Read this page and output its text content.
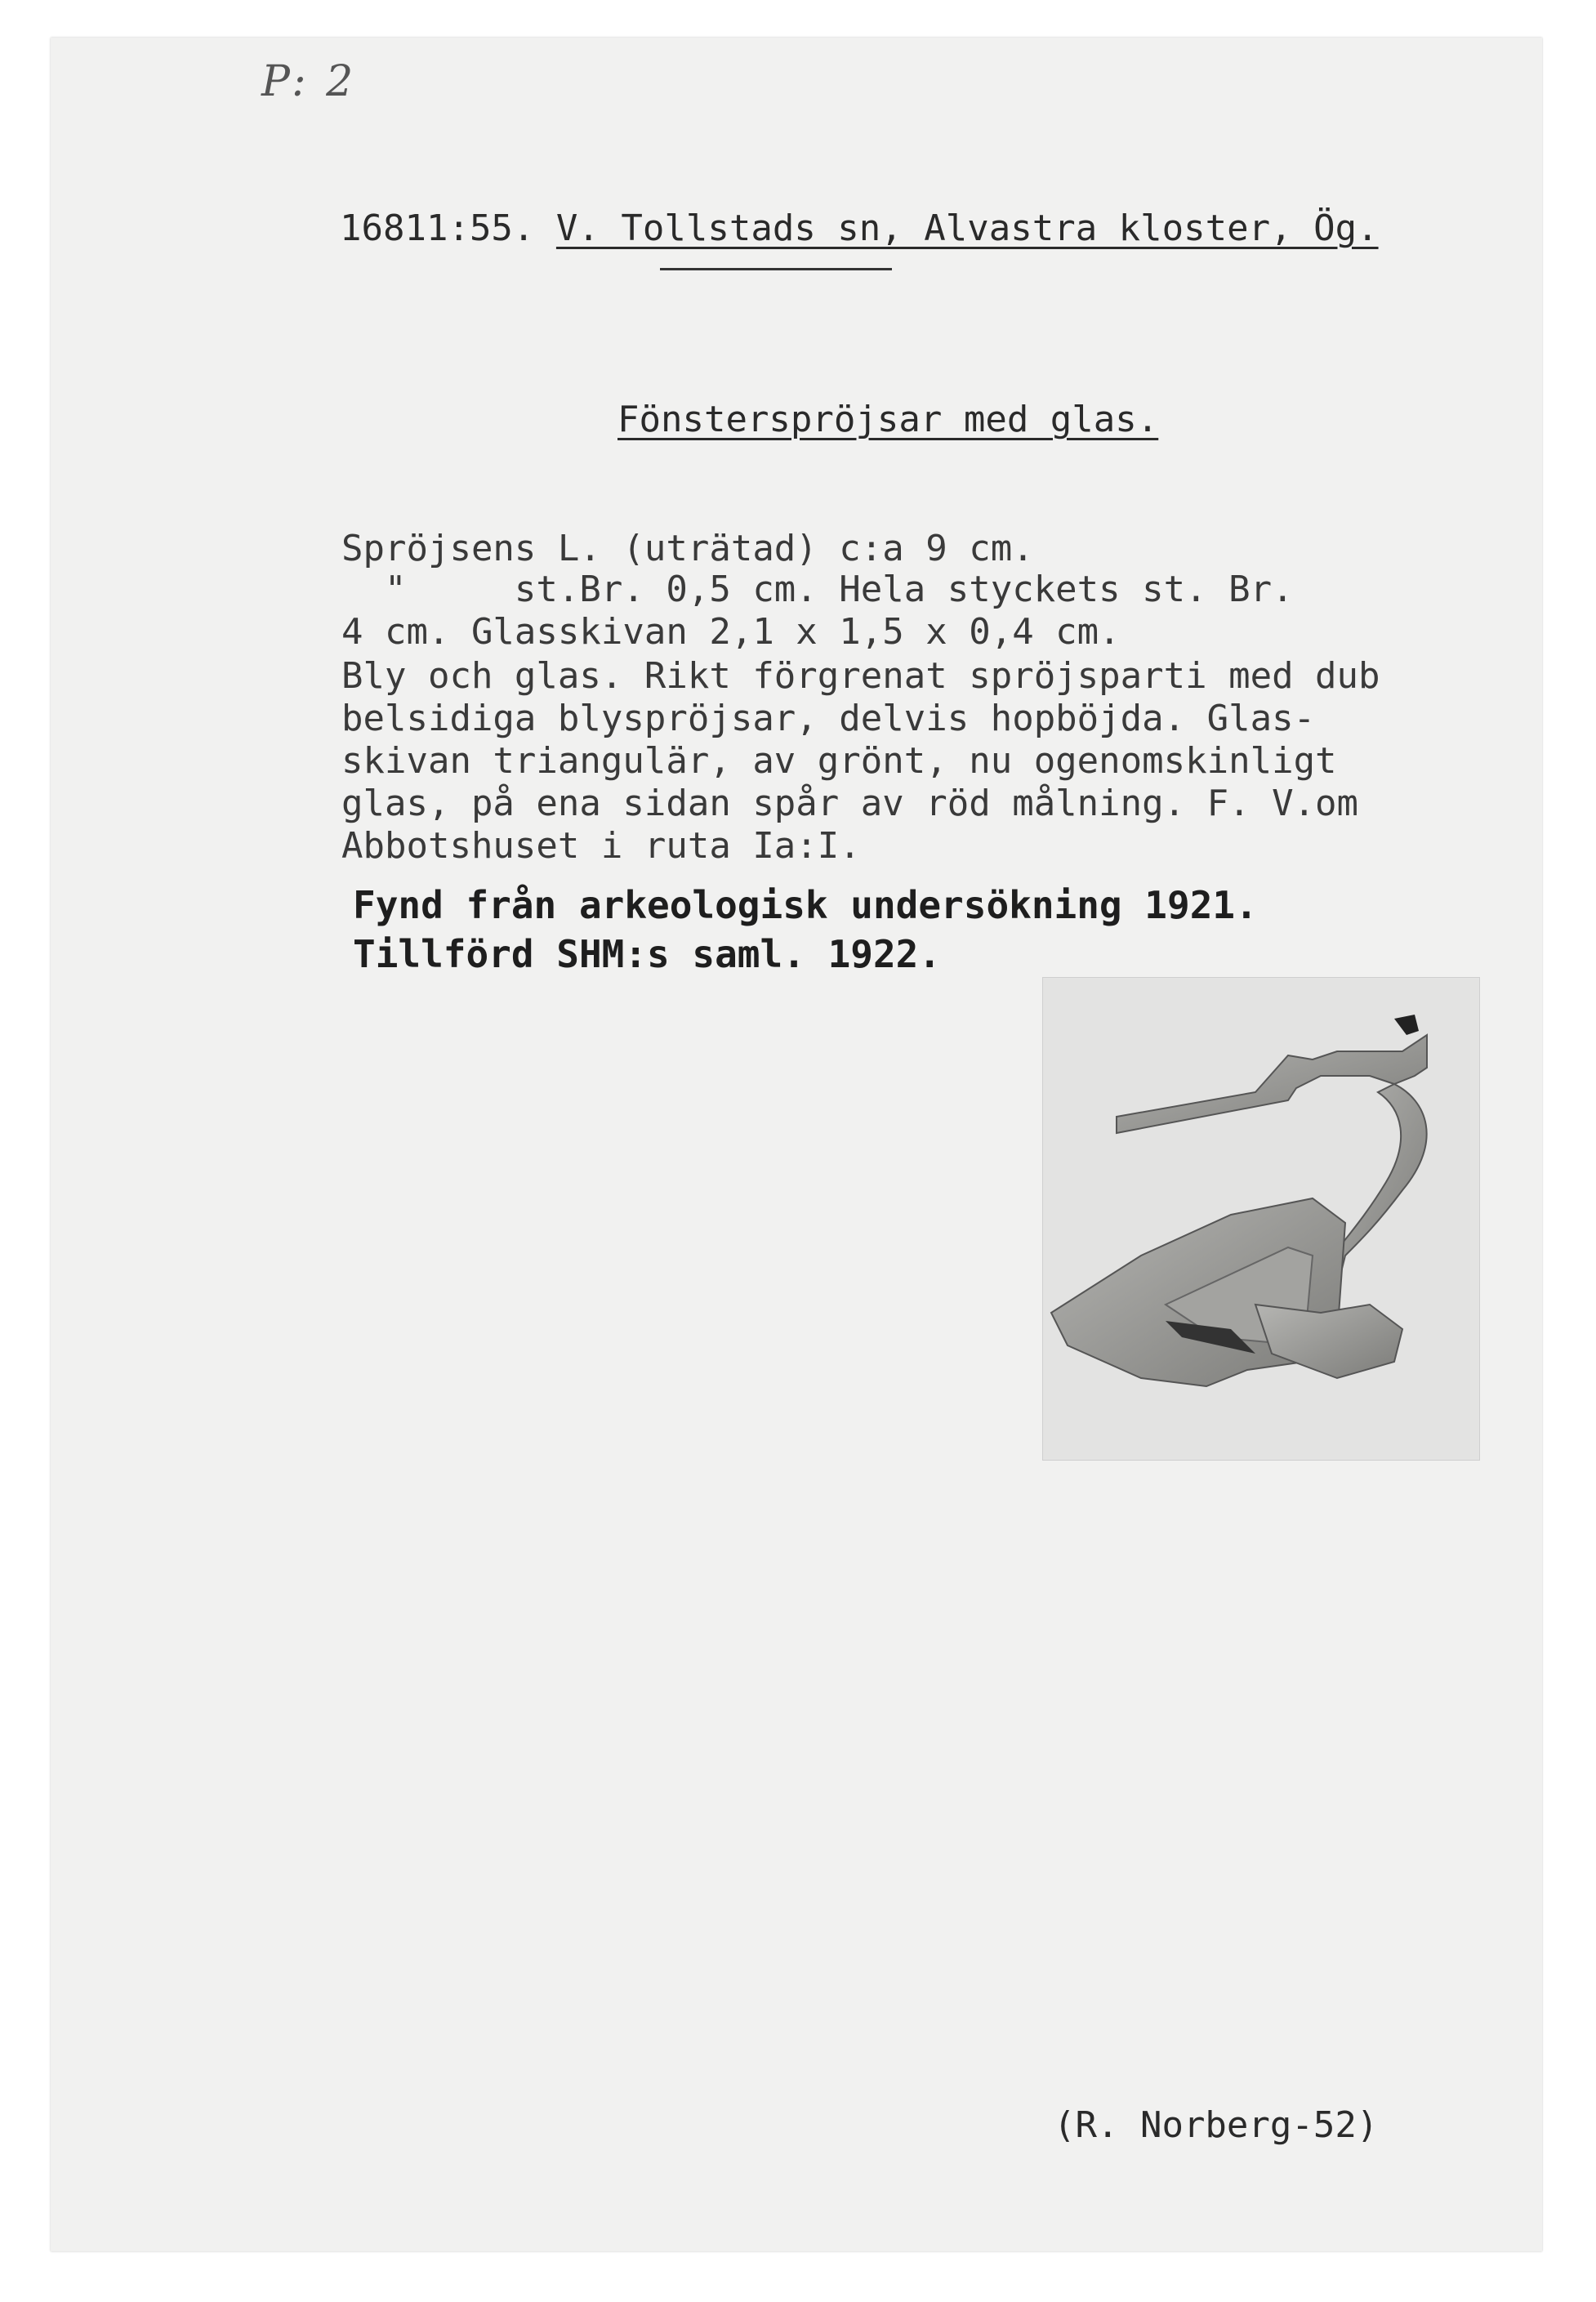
P: 2
16811:55. V. Tollstads sn, Alvastra kloster, Ög.
Fönsterspröjsar med glas.
Spröjsens L. (uträtad) c:a 9 cm.
"     st.Br. 0,5 cm. Hela styckets st. Br.
4 cm. Glasskivan 2,1 x 1,5 x 0,4 cm.
Bly och glas. Rikt förgrenat spröjsparti med dub
belsidiga blyspröjsar, delvis hopböjda. Glas-
skivan triangulär, av grönt, nu ogenomskinligt
glas, på ena sidan spår av röd målning. F. V.om
Abbotshuset i ruta Ia:I.
Fynd från arkeologisk undersökning 1921.
Tillförd SHM:s saml. 1922.
(R. Norberg-52)
